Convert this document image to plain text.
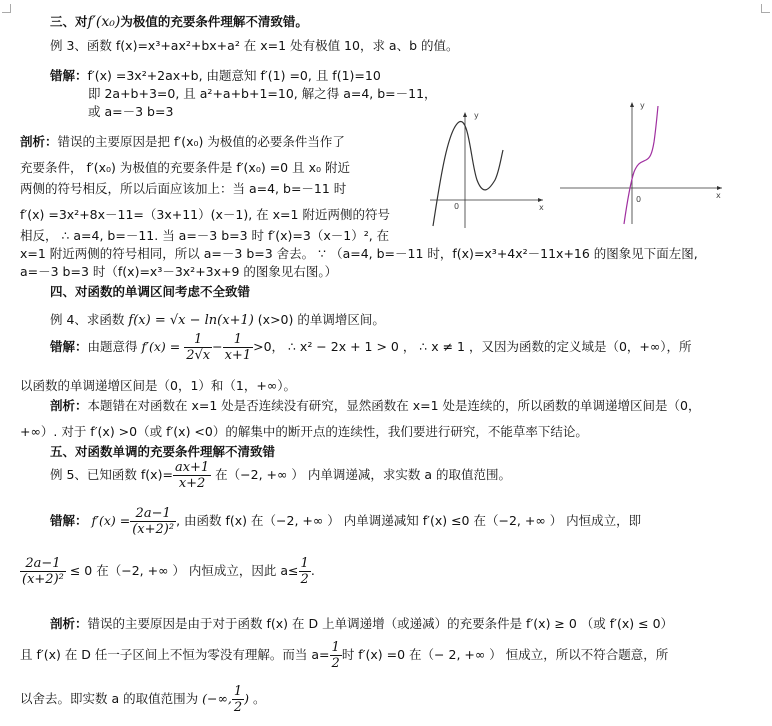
三、对f′(x₀)为极值的充要条件理解不清致错。
例 3、函数 f(x)=x³+ax²+bx+a² 在 x=1 处有极值 10，求 a、b 的值。
错解：f′(x) =3x²+2ax+b, 由题意知 f′(1) =0, 且 f(1)=10
即 2a+b+3=0, 且 a²+a+b+1=10, 解之得 a=4, b=－11，
或 a=－3 b=3
剖析：错误的主要原因是把 f′(x₀) 为极值的必要条件当作了
充要条件， f′(x₀) 为极值的充要条件是 f′(x₀) =0 且 x₀ 附近
两侧的符号相反，所以后面应该加上：当 a=4, b=－11 时
f′(x) =3x²+8x－11=（3x+11）(x－1), 在 x=1 附近两侧的符号
相反， ∴ a=4, b=－11. 当 a=－3 b=3 时 f′(x)=3（x－1）², 在
x=1 附近两侧的符号相同，所以 a=－3 b=3 舍去。 ∵ （a=4, b=－11 时，f(x)=x³+4x²－11x+16 的图象见下面左图,
a=－3 b=3 时（f(x)=x³－3x²+3x+9 的图象见右图。）
y
x
0
y
x
0
四、对函数的单调区间考虑不全致错
例 4、求函数 f(x) = √x − ln(x+1) (x>0) 的单调增区间。
错解：由题意得 $f'(x) = \frac{1}{2√x} - \frac{1}{x+1} >0$， ∴ x² − 2x + 1 > 0 ， ∴ x ≠ 1 ，又因为函数的定义域是（0，+∞），所
以函数的单调递增区间是（0，1）和（1，+∞）。
剖析：本题错在对函数在 x=1 处是否连续没有研究，显然函数在 x=1 处是连续的，所以函数的单调递增区间是（0，
+∞）. 对于 f′(x) >0（或 f′(x) <0）的解集中的断开点的连续性，我们要进行研究，不能草率下结论。
五、对函数单调的充要条件理解不清致错
例 5、已知函数 $f(x)= \frac{ax+1}{x+2}$ 在（−2, +∞ ） 内单调递减，求实数 a 的取值范围。
错解： $f'(x) = \frac{2a-1}{\text{(x+2)²}}$ , 由函数 f(x) 在（−2, +∞ ） 内单调递减知 f′(x) ≤0 在（−2, +∞ ） 内恒成立，即
$\frac{2a-1}{\text{(x+2)²}} \le 0$ 在（−2, +∞ ） 内恒成立，因此 $a\le \frac{1}{2}$ .
剖析：错误的主要原因是由于对于函数 f(x) 在 D 上单调递增（或递减）的充要条件是 f′(x) ≥ 0 （或 f′(x) ≤ 0）
且 f′(x) 在 D 任一子区间上不恒为零没有理解。而当 $a= \frac{1}{2}$ 时 f′(x) =0 在（− 2, +∞ ） 恒成立，所以不符合题意，所
以舍去。即实数 a 的取值范围为 (−∞, $\frac{1}{2}$ ) 。
